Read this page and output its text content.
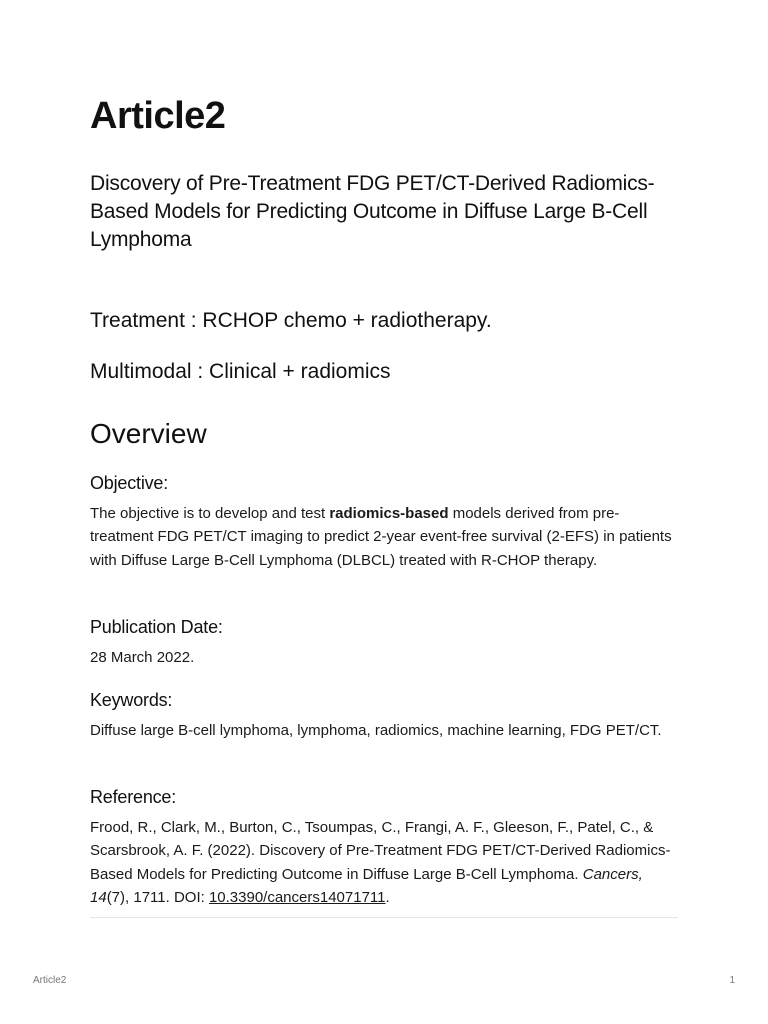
Article2
Discovery of Pre-Treatment FDG PET/CT-Derived Radiomics-Based Models for Predicting Outcome in Diffuse Large B-Cell Lymphoma
Treatment : RCHOP chemo + radiotherapy.
Multimodal : Clinical + radiomics
Overview
Objective:

The objective is to develop and test radiomics-based models derived from pre-treatment FDG PET/CT imaging to predict 2-year event-free survival (2-EFS) in patients with Diffuse Large B-Cell Lymphoma (DLBCL) treated with R-CHOP therapy.

Publication Date:

28 March 2022.

Keywords:

Diffuse large B-cell lymphoma, lymphoma, radiomics, machine learning, FDG PET/CT.

Reference:

Frood, R., Clark, M., Burton, C., Tsoumpas, C., Frangi, A. F., Gleeson, F., Patel, C., & Scarsbrook, A. F. (2022). Discovery of Pre-Treatment FDG PET/CT-Derived Radiomics-Based Models for Predicting Outcome in Diffuse Large B-Cell Lymphoma. Cancers, 14(7), 1711. DOI: 10.3390/cancers14071711.

Article2	1
